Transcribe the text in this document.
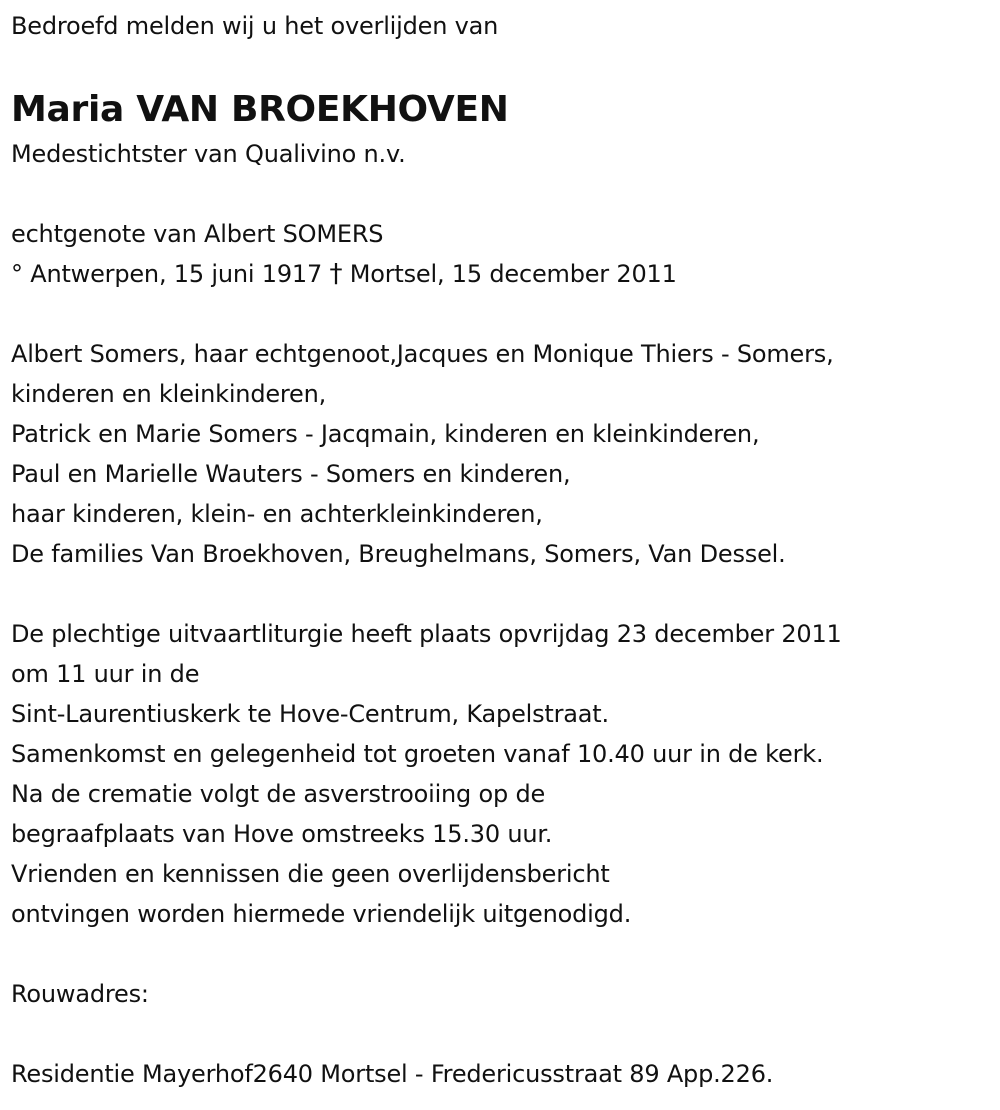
Bedroefd melden wij u het overlijden van
Maria VAN BROEKHOVEN
Medestichtster van Qualivino n.v.
echtgenote van Albert SOMERS
° Antwerpen, 15 juni 1917 † Mortsel, 15 december 2011
Albert Somers, haar echtgenoot,Jacques en Monique Thiers - Somers,
kinderen en kleinkinderen,
Patrick en Marie Somers - Jacqmain, kinderen en kleinkinderen,
Paul en Marielle Wauters - Somers en kinderen,
haar kinderen, klein- en achterkleinkinderen,
De families Van Broekhoven, Breughelmans, Somers, Van Dessel.
De plechtige uitvaartliturgie heeft plaats opvrijdag 23 december 2011
om 11 uur in de
Sint-Laurentiuskerk te Hove-Centrum, Kapelstraat.
Samenkomst en gelegenheid tot groeten vanaf 10.40 uur in de kerk.
Na de crematie volgt de asverstrooiing op de
begraafplaats van Hove omstreeks 15.30 uur.
Vrienden en kennissen die geen overlijdensbericht
ontvingen worden hiermede vriendelijk uitgenodigd.
Rouwadres:
Residentie Mayerhof2640 Mortsel - Fredericusstraat 89 App.226.
